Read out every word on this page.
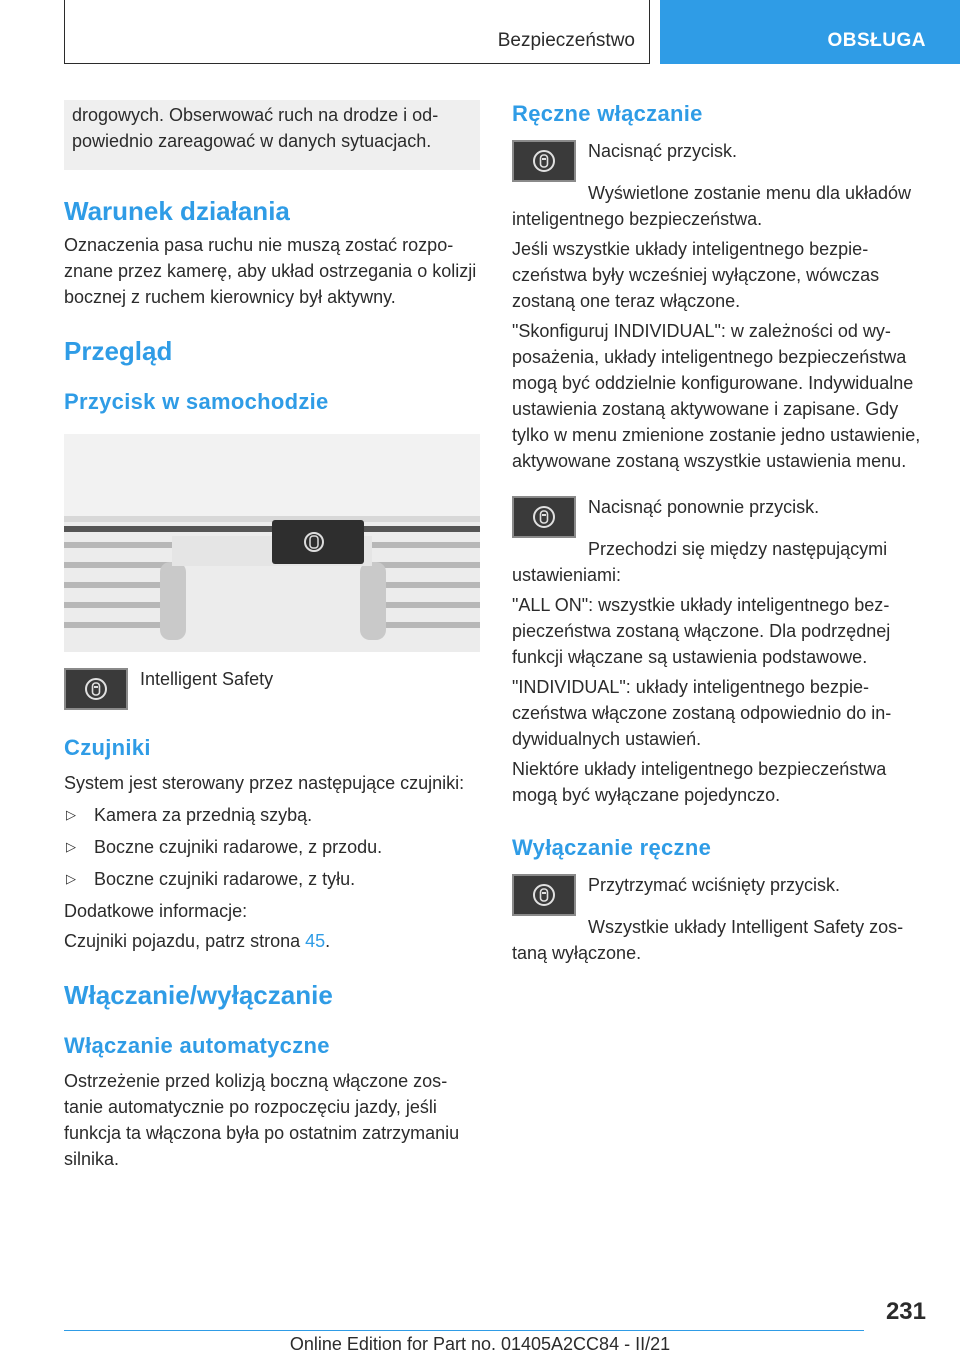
Bezpieczeństwo	OBSŁUGA

drogowych. Obserwować ruch na drodze i odpowiednio zareagować w danych sytuacjach.

Warunek działania

Oznaczenia pasa ruchu nie muszą zostać rozpoznane przez kamerę, aby układ ostrzegania o kolizji bocznej z ruchem kierownicy był aktywny.

Przegląd
Przycisk w samochodzie

Intelligent Safety

Czujniki

System jest sterowany przez następujące czujniki:

▷ Kamera za przednią szybą.
▷ Boczne czujniki radarowe, z przodu.
▷ Boczne czujniki radarowe, z tyłu.

Dodatkowe informacje:

Czujniki pojazdu, patrz strona 45.

Włączanie/wyłączanie
Włączanie automatyczne

Ostrzeżenie przed kolizją boczną włączone zostanie automatycznie po rozpoczęciu jazdy, jeśli funkcja ta włączona była po ostatnim zatrzymaniu silnika.

Ręczne włączanie

Nacisnąć przycisk.

Wyświetlone zostanie menu dla układów inteligentnego bezpieczeństwa.

Jeśli wszystkie układy inteligentnego bezpieczeństwa były wcześniej wyłączone, wówczas zostaną one teraz włączone.

"Skonfiguruj INDIVIDUAL": w zależności od wyposażenia, układy inteligentnego bezpieczeństwa mogą być oddzielnie konfigurowane. Indywidualne ustawienia zostaną aktywowane i zapisane. Gdy tylko w menu zmienione zostanie jedno ustawienie, aktywowane zostaną wszystkie ustawienia menu.

Nacisnąć ponownie przycisk.

Przechodzi się między następującymi ustawieniami:

"ALL ON": wszystkie układy inteligentnego bezpieczeństwa zostaną włączone. Dla podrzędnej funkcji włączane są ustawienia podstawowe.

"INDIVIDUAL": układy inteligentnego bezpieczeństwa włączone zostaną odpowiednio do indywidualnych ustawień.

Niektóre układy inteligentnego bezpieczeństwa mogą być wyłączane pojedynczo.

Wyłączanie ręczne

Przytrzymać wciśnięty przycisk.

Wszystkie układy Intelligent Safety zostaną wyłączone.

231
Online Edition for Part no. 01405A2CC84 - II/21
